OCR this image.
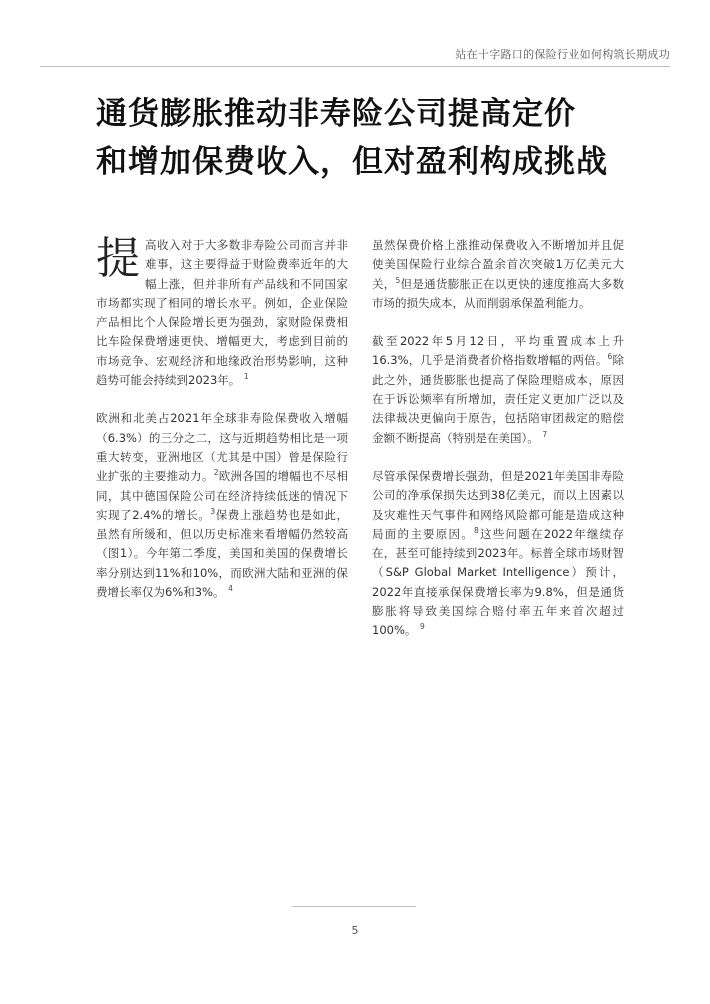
站在十字路口的保险行业如何构筑长期成功
通货膨胀推动非寿险公司提高定价
和增加保费收入，但对盈利构成挑战

提高收入对于大多数非寿险公司而言并非难事，这主要得益于财险费率近年的大幅上涨，但并非所有产品线和不同国家市场都实现了相同的增长水平。例如，企业保险产品相比个人保险增长更为强劲，家财险保费相比车险保费增速更快、增幅更大，考虑到目前的市场竞争、宏观经济和地缘政治形势影响，这种趋势可能会持续到2023年。 $^1$

欧洲和北美占2021年全球非寿险保费收入增幅（6.3%）的三分之二，这与近期趋势相比是一项重大转变，亚洲地区（尤其是中国）曾是保险行业扩张的主要推动力。$^2$欧洲各国的增幅也不尽相同，其中德国保险公司在经济持续低迷的情况下实现了2.4%的增长。$^3$保费上涨趋势也是如此，虽然有所缓和，但以历史标准来看增幅仍然较高（图1）。今年第二季度，美国和美国的保费增长率分别达到11%和10%，而欧洲大陆和亚洲的保费增长率仅为6%和3%。 $^4$

虽然保费价格上涨推动保费收入不断增加并且促使美国保险行业综合盈余首次突破1万亿美元大关，$^5$但是通货膨胀正在以更快的速度推高大多数市场的损失成本，从而削弱承保盈利能力。

截至2022年5月12日，平均重置成本上升16.3%，几乎是消费者价格指数增幅的两倍。$^6$除此之外，通货膨胀也提高了保险理赔成本，原因在于诉讼频率有所增加，责任定义更加广泛以及法律裁决更偏向于原告，包括陪审团裁定的赔偿金额不断提高（特别是在美国）。 $^7$

尽管承保保费增长强劲，但是2021年美国非寿险公司的净承保损失达到38亿美元，而以上因素以及灾难性天气事件和网络风险都可能是造成这种局面的主要原因。$^8$这些问题在2022年继续存在，甚至可能持续到2023年。标普全球市场财智（S&P Global Market Intelligence）预计，2022年直接承保保费增长率为9.8%，但是通货膨胀将导致美国综合赔付率五年来首次超过100%。 $^9$

5
